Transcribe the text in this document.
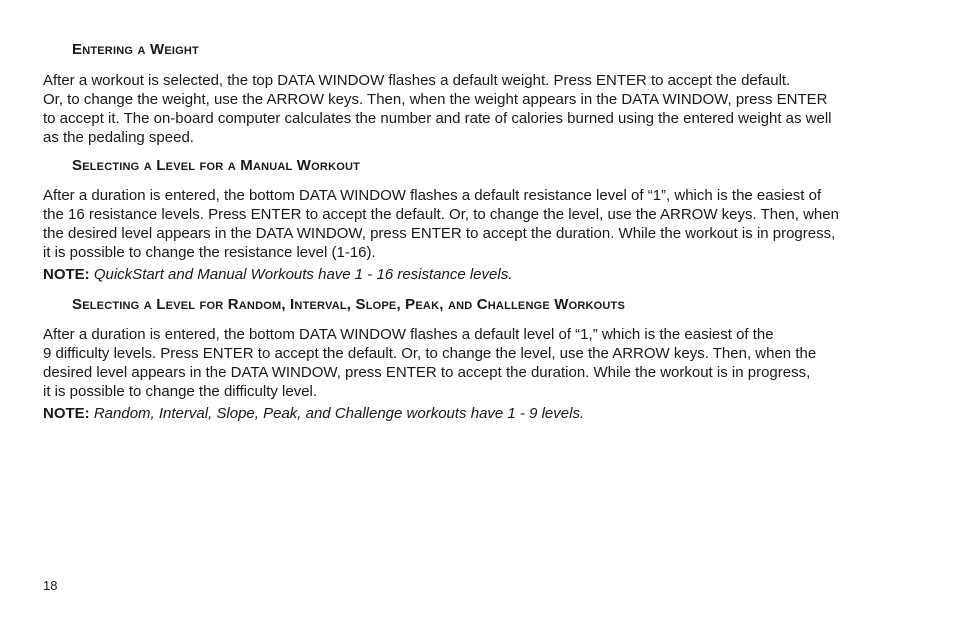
Entering a Weight

After a workout is selected, the top DATA WINDOW flashes a default weight. Press ENTER to accept the default.
Or, to change the weight, use the ARROW keys. Then, when the weight appears in the DATA WINDOW, press ENTER
to accept it. The on-board computer calculates the number and rate of calories burned using the entered weight as well
as the pedaling speed.

Selecting a Level for a Manual Workout

After a duration is entered, the bottom DATA WINDOW flashes a default resistance level of “1”, which is the easiest of
the 16 resistance levels. Press ENTER to accept the default. Or, to change the level, use the ARROW keys. Then, when
the desired level appears in the DATA WINDOW, press ENTER to accept the duration. While the workout is in progress,
it is possible to change the resistance level (1-16).

NOTE: QuickStart and Manual Workouts have 1 - 16 resistance levels.

Selecting a Level for Random, Interval, Slope, Peak, and Challenge Workouts

After a duration is entered, the bottom DATA WINDOW flashes a default level of “1,” which is the easiest of the
9 difficulty levels. Press ENTER to accept the default. Or, to change the level, use the ARROW keys. Then, when the
desired level appears in the DATA WINDOW, press ENTER to accept the duration. While the workout is in progress,
it is possible to change the difficulty level.

NOTE: Random, Interval, Slope, Peak, and Challenge workouts have 1 - 9 levels.

18
